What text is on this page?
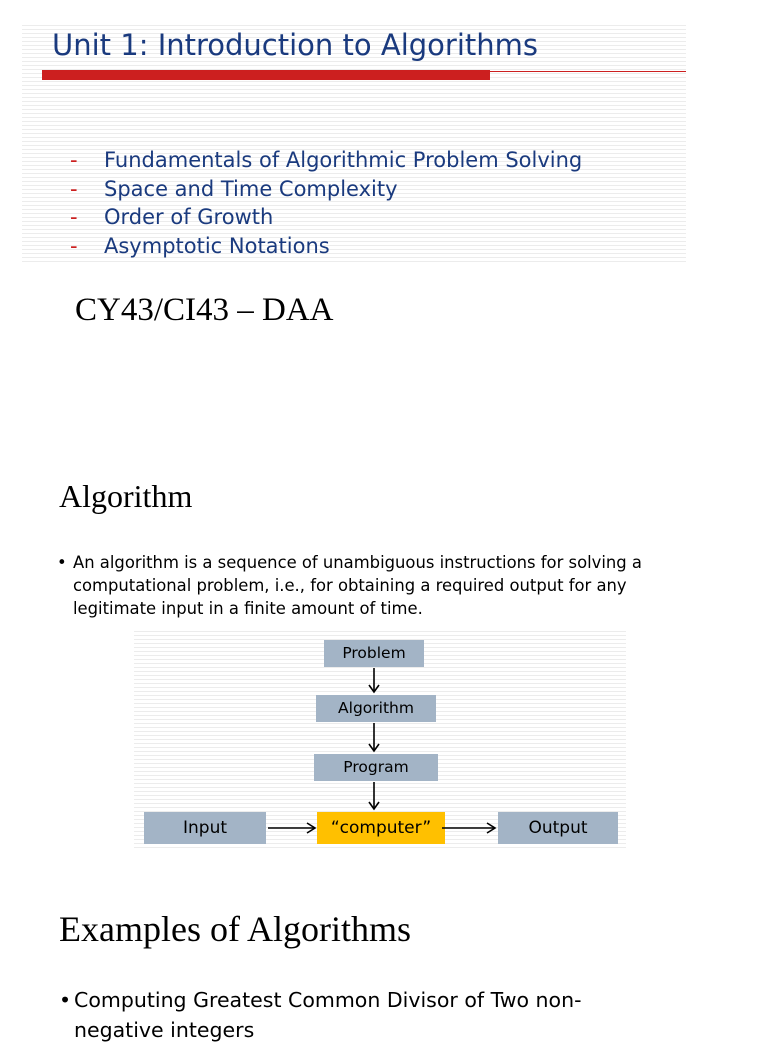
Unit 1: Introduction to Algorithms
- Fundamentals of Algorithmic Problem Solving
- Space and Time Complexity
- Order of Growth
- Asymptotic Notations
CY43/CI43 – DAA
Algorithm
• An algorithm is a sequence of unambiguous instructions for solving a
computational problem, i.e., for obtaining a required output for any
legitimate input in a finite amount of time.
Problem
Algorithm
Program
Input	“computer”	Output
Examples of Algorithms
• Computing Greatest Common Divisor of Two non-
negative integers
